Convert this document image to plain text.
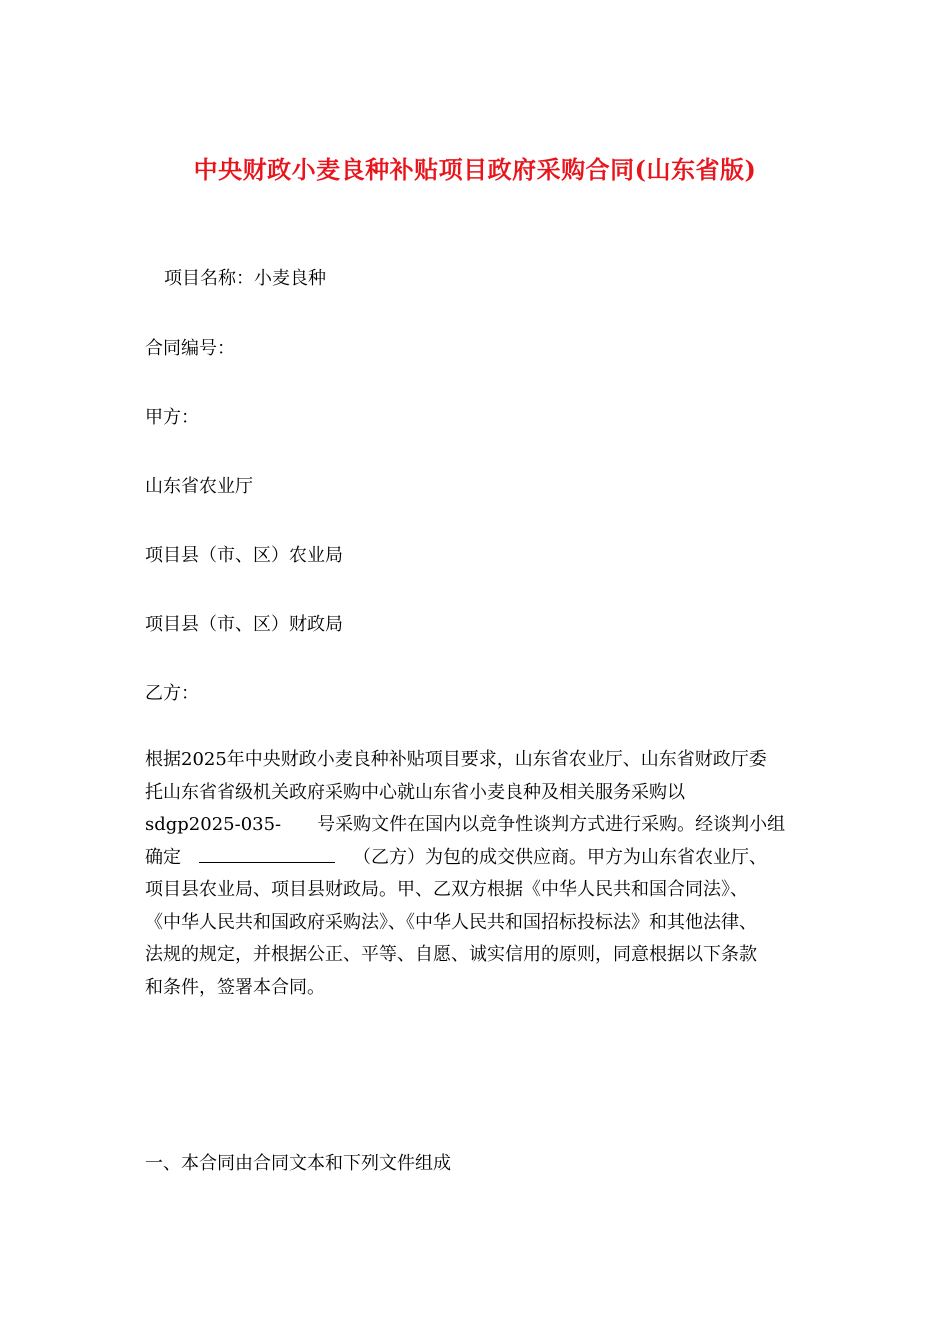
中央财政小麦良种补贴项目政府采购合同(山东省版)
项目名称：小麦良种
合同编号：
甲方：
山东省农业厅
项目县（市、区）农业局
项目县（市、区）财政局
乙方：
根据2025年中央财政小麦良种补贴项目要求，山东省农业厅、山东省财政厅委
托山东省省级机关政府采购中心就山东省小麦良种及相关服务采购以
sdgp2025-035- 号采购文件在国内以竞争性谈判方式进行采购。经谈判小组
确定	（乙方）为包的成交供应商。甲方为山东省农业厅、
项目县农业局、项目县财政局。甲、乙双方根据《中华人民共和国合同法》、
《中华人民共和国政府采购法》、《中华人民共和国招标投标法》和其他法律、
法规的规定，并根据公正、平等、自愿、诚实信用的原则，同意根据以下条款
和条件，签署本合同。
一、本合同由合同文本和下列文件组成
